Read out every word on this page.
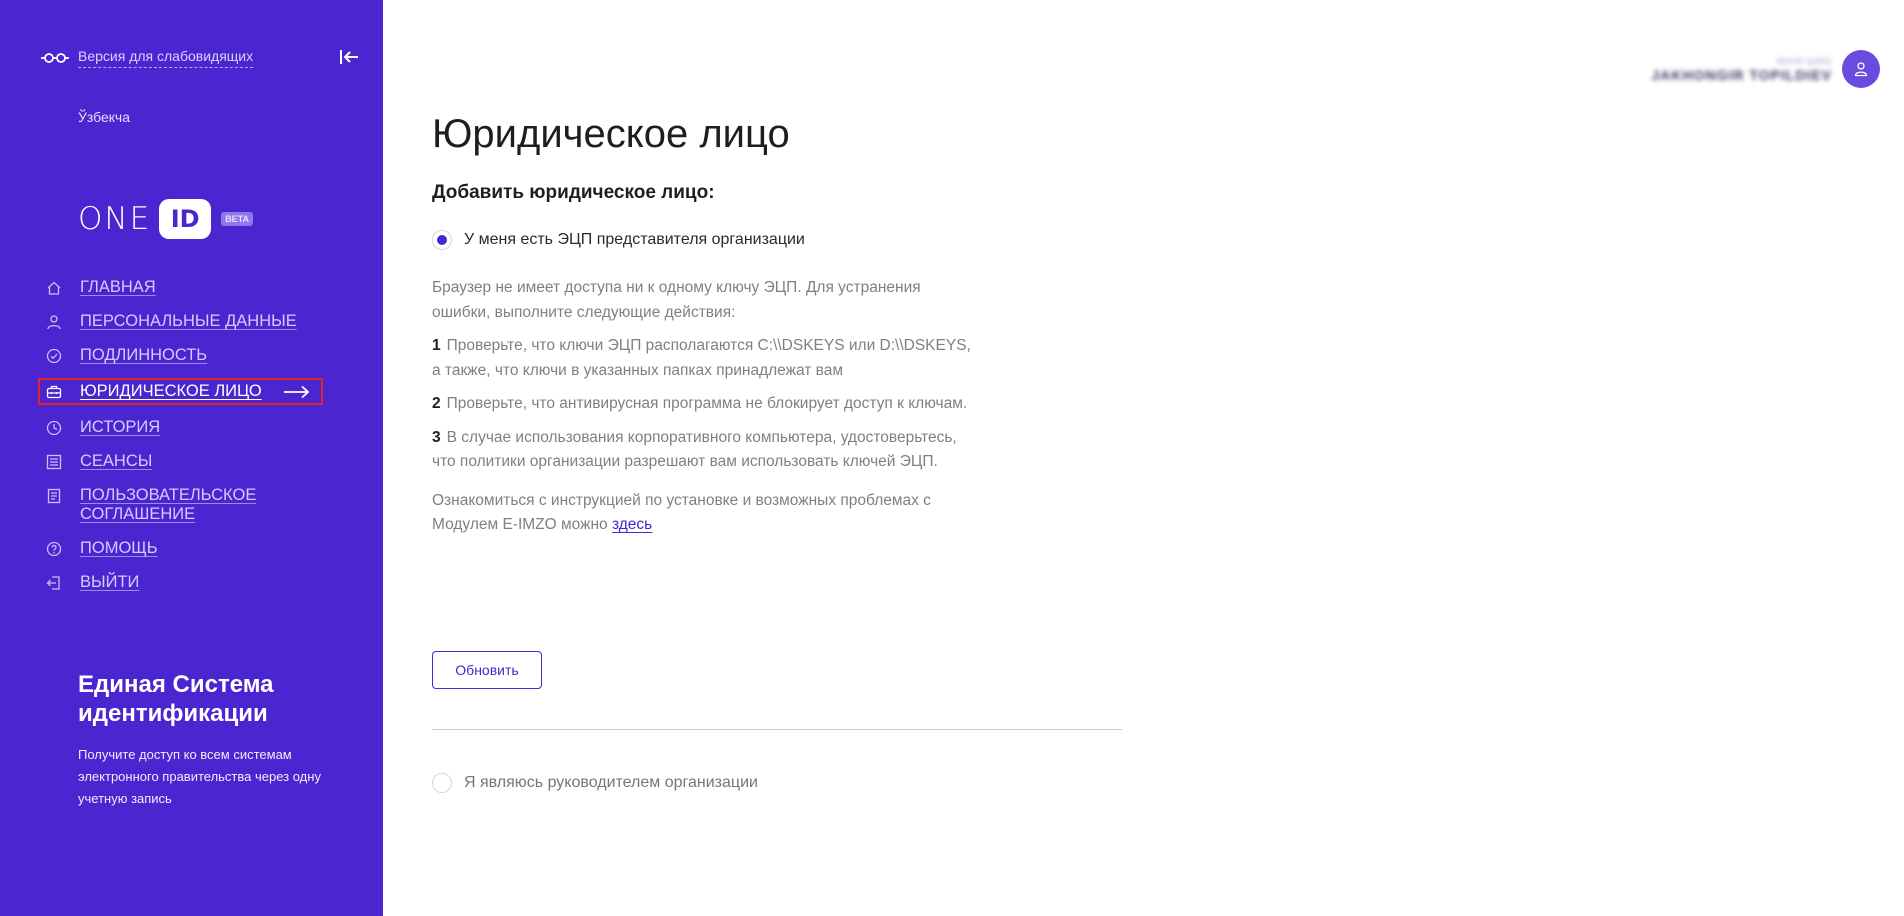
Версия для слабовидящих
Ўзбекча
ONE ID	BETA
ГЛАВНАЯ
ПЕРСОНАЛЬНЫЕ ДАННЫЕ
ПОДЛИННОСТЬ
ЮРИДИЧЕСКОЕ ЛИЦО
ИСТОРИЯ
СЕАНСЫ
ПОЛЬЗОВАТЕЛЬСКОЕ СОГЛАШЕНИЕ
ПОМОЩЬ
ВЫЙТИ
Единая Система идентификации
Получите доступ ко всем системам электронного правительства через одну учетную запись
ишчи шахс
JAKHONGIR TOPILDIEV
Юридическое лицо
Добавить юридическое лицо:
У меня есть ЭЦП представителя организации

Браузер не имеет доступа ни к одному ключу ЭЦП. Для устранения ошибки, выполните следующие действия:

1 Проверьте, что ключи ЭЦП располагаются C:\\DSKEYS или D:\\DSKEYS, а также, что ключи в указанных папках принадлежат вам

2 Проверьте, что антивирусная программа не блокирует доступ к ключам.

3 В случае использования корпоративного компьютера, удостоверьтесь, что политики организации разрешают вам использовать ключей ЭЦП.

Ознакомиться с инструкцией по установке и возможных проблемах с Модулем E-IMZO можно здесь

Обновить
Я являюсь руководителем организации
